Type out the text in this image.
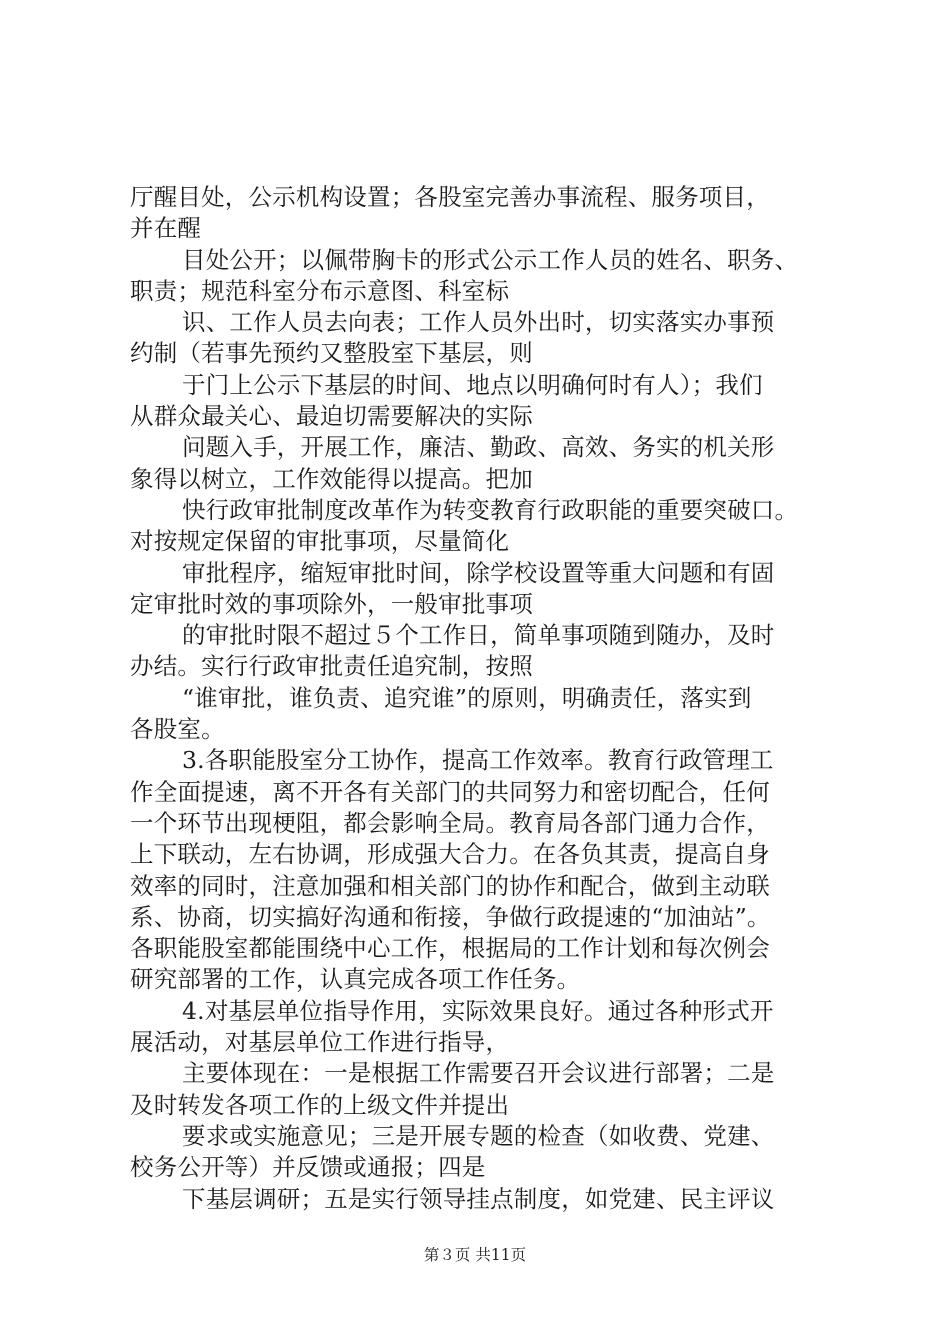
厅醒目处，公示机构设置；各股室完善办事流程、服务项目，
并在醒
目处公开；以佩带胸卡的形式公示工作人员的姓名、职务、
职责；规范科室分布示意图、科室标
识、工作人员去向表；工作人员外出时，切实落实办事预
约制（若事先预约又整股室下基层，则
于门上公示下基层的时间、地点以明确何时有人）；我们
从群众最关心、最迫切需要解决的实际
问题入手，开展工作，廉洁、勤政、高效、务实的机关形
象得以树立，工作效能得以提高。把加
快行政审批制度改革作为转变教育行政职能的重要突破口。
对按规定保留的审批事项，尽量简化
审批程序，缩短审批时间，除学校设置等重大问题和有固
定审批时效的事项除外，一般审批事项
的审批时限不超过５个工作日，简单事项随到随办，及时
办结。实行行政审批责任追究制，按照
“谁审批，谁负责、追究谁”的原则，明确责任，落实到
各股室。
3.各职能股室分工协作，提高工作效率。教育行政管理工
作全面提速，离不开各有关部门的共同努力和密切配合，任何
一个环节出现梗阻，都会影响全局。教育局各部门通力合作，
上下联动，左右协调，形成强大合力。在各负其责，提高自身
效率的同时，注意加强和相关部门的协作和配合，做到主动联
系、协商，切实搞好沟通和衔接，争做行政提速的“加油站”。
各职能股室都能围绕中心工作，根据局的工作计划和每次例会
研究部署的工作，认真完成各项工作任务。
4.对基层单位指导作用，实际效果良好。通过各种形式开
展活动，对基层单位工作进行指导，
主要体现在：一是根据工作需要召开会议进行部署；二是
及时转发各项工作的上级文件并提出
要求或实施意见；三是开展专题的检查（如收费、党建、
校务公开等）并反馈或通报；四是
下基层调研；五是实行领导挂点制度，如党建、民主评议
第３页 共11页
